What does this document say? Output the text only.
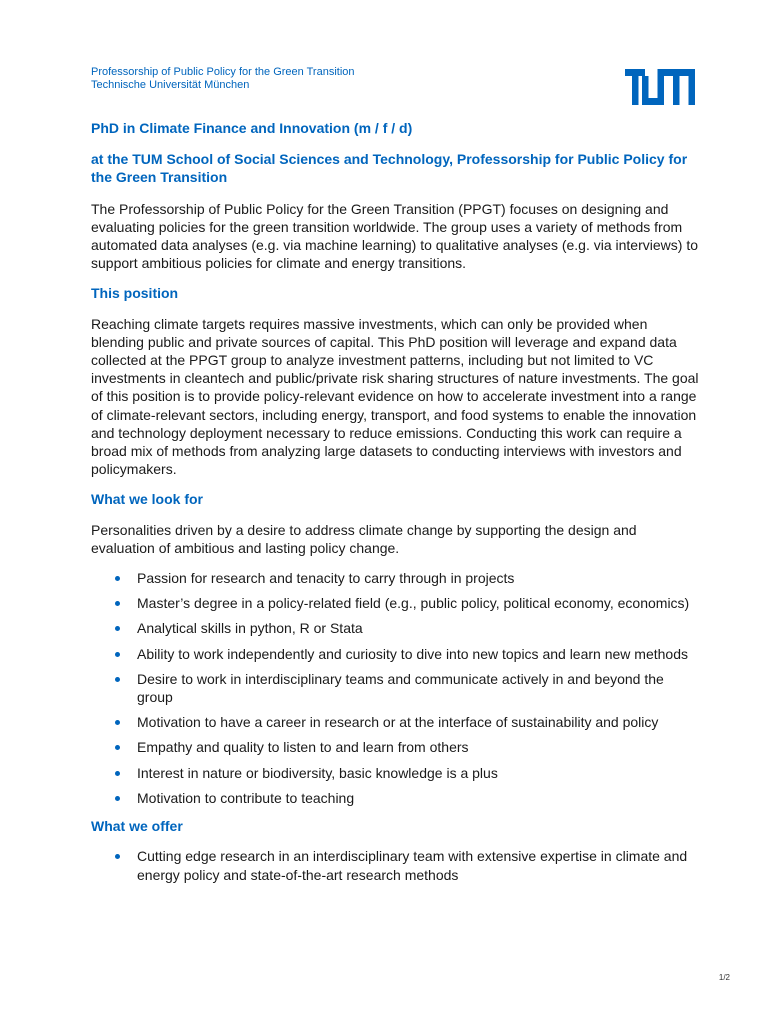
Professorship of Public Policy for the Green Transition
Technische Universität München
PhD in Climate Finance and Innovation (m / f / d)
at the TUM School of Social Sciences and Technology, Professorship for Public Policy for the Green Transition

The Professorship of Public Policy for the Green Transition (PPGT) focuses on designing and evaluating policies for the green transition worldwide. The group uses a variety of methods from automated data analyses (e.g. via machine learning) to qualitative analyses (e.g. via interviews) to support ambitious policies for climate and energy transitions.

This position

Reaching climate targets requires massive investments, which can only be provided when blending public and private sources of capital. This PhD position will leverage and expand data collected at the PPGT group to analyze investment patterns, including but not limited to VC investments in cleantech and public/private risk sharing structures of nature investments. The goal of this position is to provide policy-relevant evidence on how to accelerate investment into a range of climate-relevant sectors, including energy, transport, and food systems to enable the innovation and technology deployment necessary to reduce emissions. Conducting this work can require a broad mix of methods from analyzing large datasets to conducting interviews with investors and policymakers.

What we look for

Personalities driven by a desire to address climate change by supporting the design and evaluation of ambitious and lasting policy change.

Passion for research and tenacity to carry through in projects
Master’s degree in a policy-related field (e.g., public policy, political economy, economics)
Analytical skills in python, R or Stata
Ability to work independently and curiosity to dive into new topics and learn new methods
Desire to work in interdisciplinary teams and communicate actively in and beyond the group
Motivation to have a career in research or at the interface of sustainability and policy
Empathy and quality to listen to and learn from others
Interest in nature or biodiversity, basic knowledge is a plus
Motivation to contribute to teaching
What we offer
Cutting edge research in an interdisciplinary team with extensive expertise in climate and energy policy and state-of-the-art research methods
1/2
